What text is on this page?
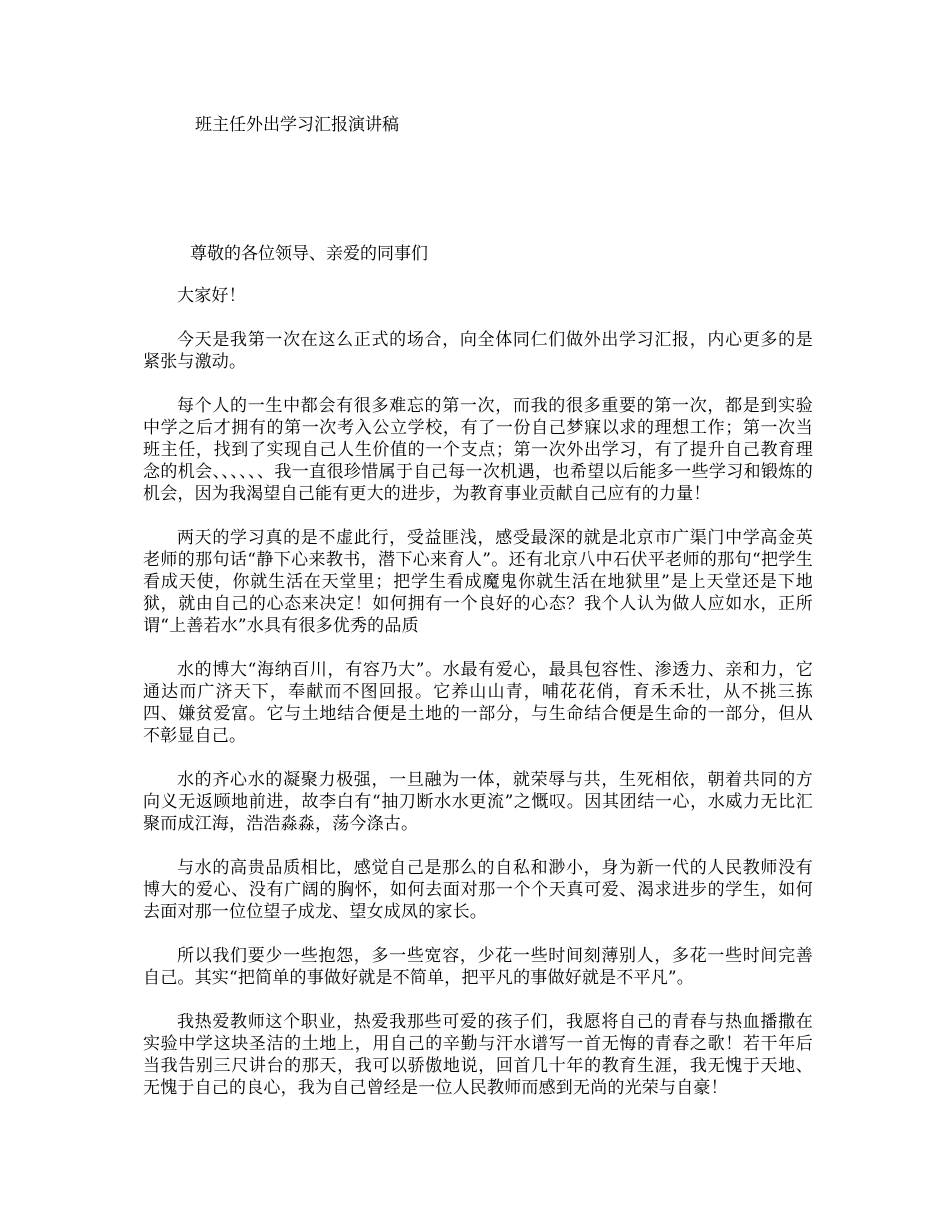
班主任外出学习汇报演讲稿
尊敬的各位领导、亲爱的同事们

大家好！

今天是我第一次在这么正式的场合，向全体同仁们做外出学习汇报，内心更多的是紧张与激动。

每个人的一生中都会有很多难忘的第一次，而我的很多重要的第一次，都是到实验中学之后才拥有的第一次考入公立学校，有了一份自己梦寐以求的理想工作；第一次当班主任，找到了实现自己人生价值的一个支点；第一次外出学习，有了提升自己教育理念的机会、、、、、、我一直很珍惜属于自己每一次机遇，也希望以后能多一些学习和锻炼的机会，因为我渴望自己能有更大的进步，为教育事业贡献自己应有的力量！

两天的学习真的是不虚此行，受益匪浅，感受最深的就是北京市广渠门中学高金英老师的那句话“静下心来教书，潜下心来育人”。还有北京八中石伏平老师的那句“把学生看成天使，你就生活在天堂里；把学生看成魔鬼你就生活在地狱里”是上天堂还是下地狱，就由自己的心态来决定！如何拥有一个良好的心态？我个人认为做人应如水，正所谓“上善若水”水具有很多优秀的品质

水的博大“海纳百川，有容乃大”。水最有爱心，最具包容性、渗透力、亲和力，它通达而广济天下，奉献而不图回报。它养山山青，哺花花俏，育禾禾壮，从不挑三拣四、嫌贫爱富。它与土地结合便是土地的一部分，与生命结合便是生命的一部分，但从不彰显自己。

水的齐心水的凝聚力极强，一旦融为一体，就荣辱与共，生死相依，朝着共同的方向义无返顾地前进，故李白有“抽刀断水水更流”之慨叹。因其团结一心，水威力无比汇聚而成江海，浩浩淼淼，荡今涤古。

与水的高贵品质相比，感觉自己是那么的自私和渺小，身为新一代的人民教师没有博大的爱心、没有广阔的胸怀，如何去面对那一个个天真可爱、渴求进步的学生，如何去面对那一位位望子成龙、望女成凤的家长。

所以我们要少一些抱怨，多一些宽容，少花一些时间刻薄别人，多花一些时间完善自己。其实“把简单的事做好就是不简单，把平凡的事做好就是不平凡”。

我热爱教师这个职业，热爱我那些可爱的孩子们，我愿将自己的青春与热血播撒在实验中学这块圣洁的土地上，用自己的辛勤与汗水谱写一首无悔的青春之歌！若干年后当我告别三尺讲台的那天，我可以骄傲地说，回首几十年的教育生涯，我无愧于天地、无愧于自己的良心，我为自己曾经是一位人民教师而感到无尚的光荣与自豪！
